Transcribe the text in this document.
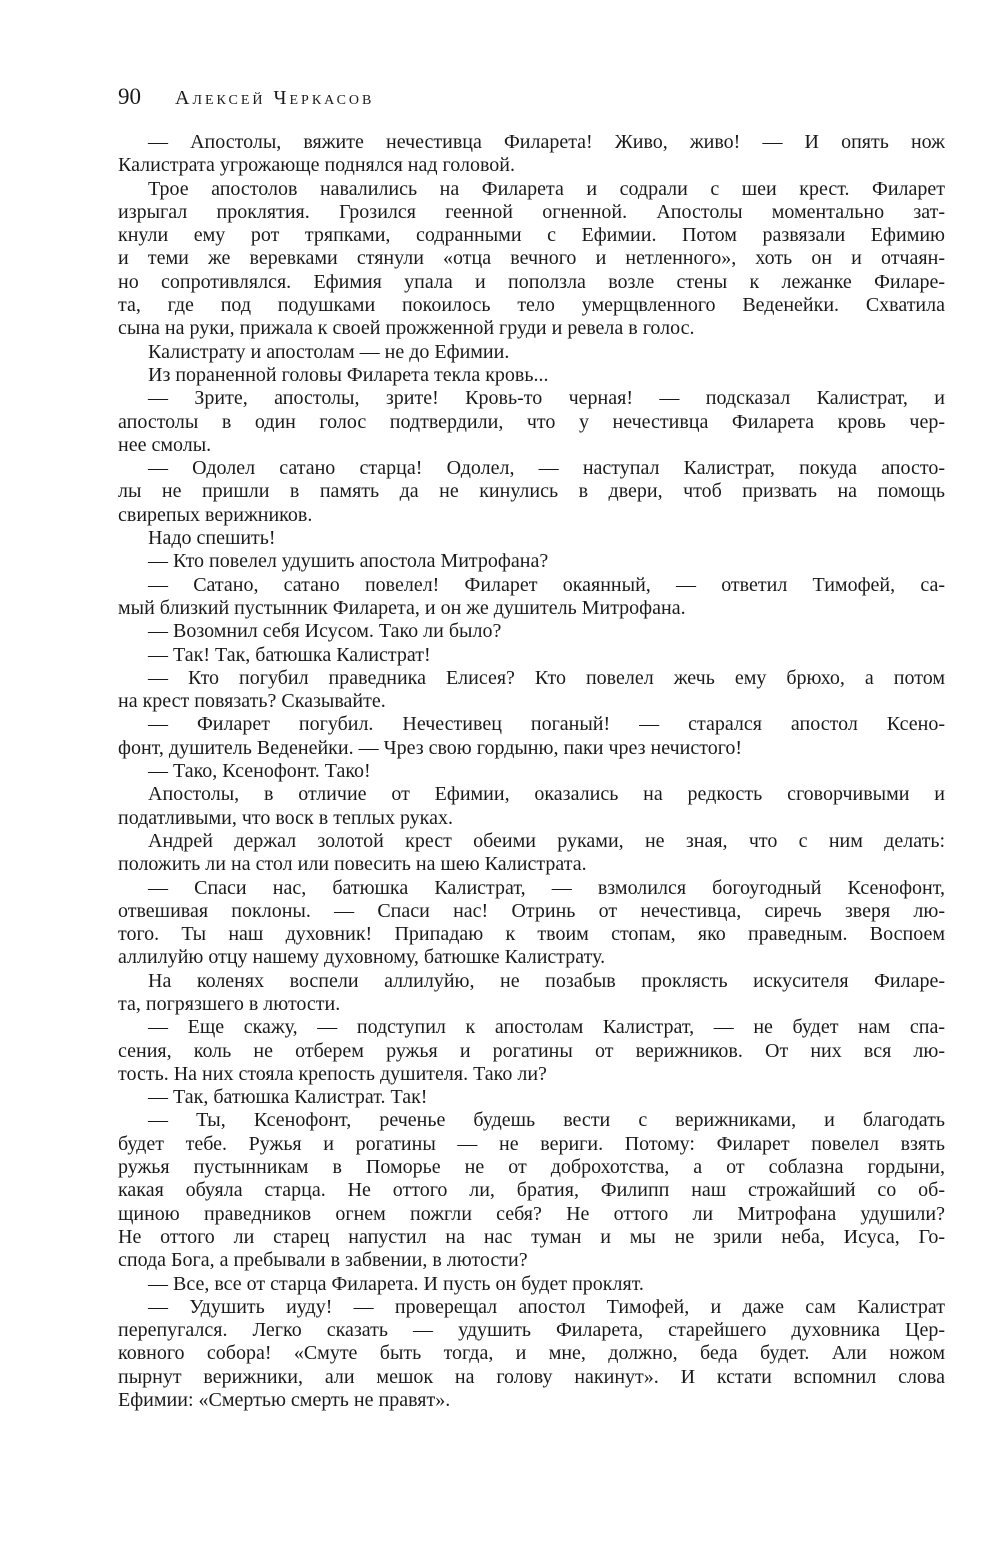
90 Алексей Черкасов
— Апостолы, вяжите нечестивца Филарета! Живо, живо! — И опять нож
Калистрата угрожающе поднялся над головой.
Трое апостолов навалились на Филарета и содрали с шеи крест. Филарет
изрыгал проклятия. Грозился геенной огненной. Апостолы моментально зат-
кнули ему рот тряпками, содранными с Ефимии. Потом развязали Ефимию
и теми же веревками стянули «отца вечного и нетленного», хоть он и отчаян-
но сопротивлялся. Ефимия упала и поползла возле стены к лежанке Филаре-
та, где под подушками покоилось тело умерщвленного Веденейки. Схватила
сына на руки, прижала к своей прожженной груди и ревела в голос.
Калистрату и апостолам — не до Ефимии.
Из пораненной головы Филарета текла кровь...
— Зрите, апостолы, зрите! Кровь-то черная! — подсказал Калистрат, и
апостолы в один голос подтвердили, что у нечестивца Филарета кровь чер-
нее смолы.
— Одолел сатано старца! Одолел, — наступал Калистрат, покуда апосто-
лы не пришли в память да не кинулись в двери, чтоб призвать на помощь
свирепых верижников.
Надо спешить!
— Кто повелел удушить апостола Митрофана?
— Сатано, сатано повелел! Филарет окаянный, — ответил Тимофей, са-
мый близкий пустынник Филарета, и он же душитель Митрофана.
— Возомнил себя Исусом. Тако ли было?
— Так! Так, батюшка Калистрат!
— Кто погубил праведника Елисея? Кто повелел жечь ему брюхо, а потом
на крест повязать? Сказывайте.
— Филарет погубил. Нечестивец поганый! — старался апостол Ксено-
фонт, душитель Веденейки. — Чрез свою гордыню, паки чрез нечистого!
— Тако, Ксенофонт. Тако!
Апостолы, в отличие от Ефимии, оказались на редкость сговорчивыми и
податливыми, что воск в теплых руках.
Андрей держал золотой крест обеими руками, не зная, что с ним делать:
положить ли на стол или повесить на шею Калистрата.
— Спаси нас, батюшка Калистрат, — взмолился богоугодный Ксенофонт,
отвешивая поклоны. — Спаси нас! Отринь от нечестивца, сиречь зверя лю-
того. Ты наш духовник! Припадаю к твоим стопам, яко праведным. Воспоем
аллилуйю отцу нашему духовному, батюшке Калистрату.
На коленях воспели аллилуйю, не позабыв проклясть искусителя Филаре-
та, погрязшего в лютости.
— Еще скажу, — подступил к апостолам Калистрат, — не будет нам спа-
сения, коль не отберем ружья и рогатины от верижников. От них вся лю-
тость. На них стояла крепость душителя. Тако ли?
— Так, батюшка Калистрат. Так!
— Ты, Ксенофонт, реченье будешь вести с верижниками, и благодать
будет тебе. Ружья и рогатины — не вериги. Потому: Филарет повелел взять
ружья пустынникам в Поморье не от доброхотства, а от соблазна гордыни,
какая обуяла старца. Не оттого ли, братия, Филипп наш строжайший со об-
щиною праведников огнем пожгли себя? Не оттого ли Митрофана удушили?
Не оттого ли старец напустил на нас туман и мы не зрили неба, Исуса, Го-
спода Бога, а пребывали в забвении, в лютости?
— Все, все от старца Филарета. И пусть он будет проклят.
— Удушить иуду! — проверещал апостол Тимофей, и даже сам Калистрат
перепугался. Легко сказать — удушить Филарета, старейшего духовника Цер-
ковного собора! «Смуте быть тогда, и мне, должно, беда будет. Али ножом
пырнут верижники, али мешок на голову накинут». И кстати вспомнил слова
Ефимии: «Смертью смерть не правят».
